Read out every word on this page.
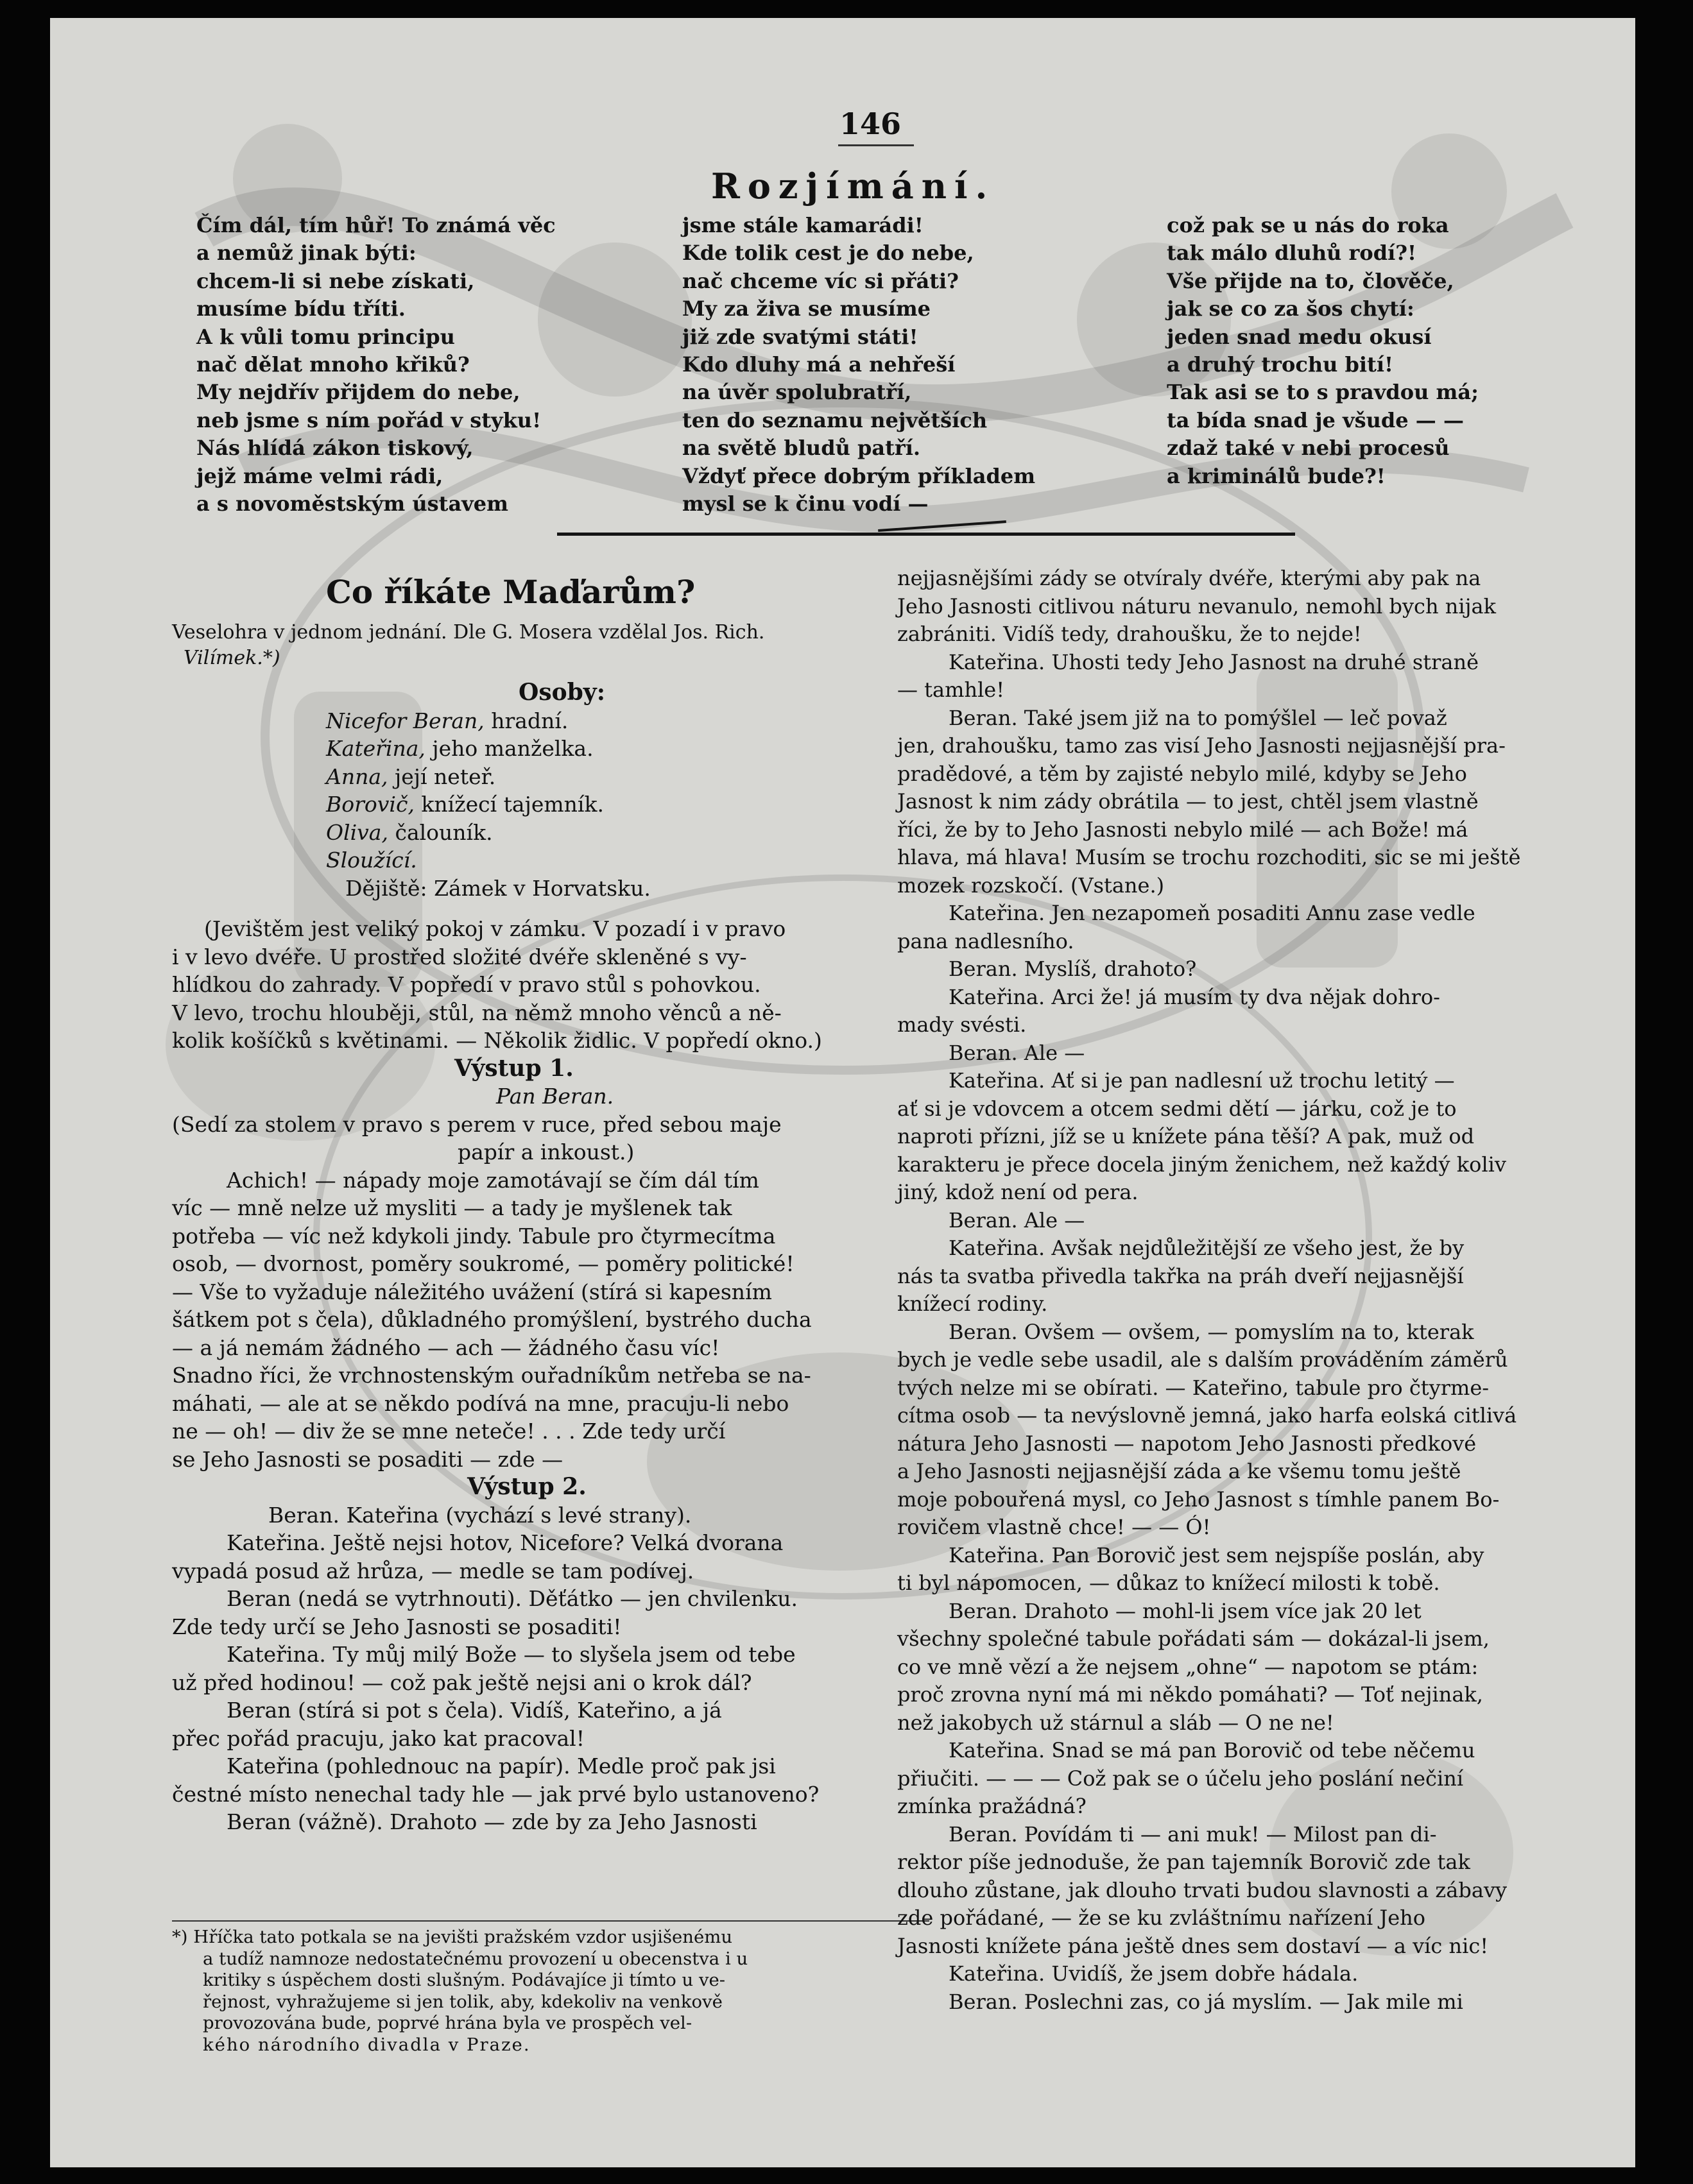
146
Rozjímání.
Čím dál, tím hůř! To známá věc
a nemůž jinak býti:
chcem-li si nebe získati,
musíme bídu tříti.
A k vůli tomu principu
nač dělat mnoho křiků?
My nejdřív přijdem do nebe,
neb jsme s ním pořád v styku!
Nás hlídá zákon tiskový,
jejž máme velmi rádi,
a s novoměstským ústavem
jsme stále kamarádi!
Kde tolik cest je do nebe,
nač chceme víc si přáti?
My za živa se musíme
již zde svatými státi!
Kdo dluhy má a nehřeší
na úvěr spolubratří,
ten do seznamu největších
na světě bludů patří.
Vždyť přece dobrým příkladem
mysl se k činu vodí —
což pak se u nás do roka
tak málo dluhů rodí?!
Vše přijde na to, člověče,
jak se co za šos chytí:
jeden snad medu okusí
a druhý trochu bití!
Tak asi se to s pravdou má;
ta bída snad je všude — —
zdaž také v nebi procesů
a kriminálů bude?!
Co říkáte Maďarům?
Veselohra v jednom jednání. Dle G. Mosera vzdělal Jos. Rich.
Vilímek.*)
Osoby:
Nicefor Beran, hradní.
Kateřina, jeho manželka.
Anna, její neteř.
Borovič, knížecí tajemník.
Oliva, čalouník.
Sloužící.
Dějiště: Zámek v Horvatsku.
(Jevištěm jest veliký pokoj v zámku. V pozadí i v pravo
i v levo dvéře. U prostřed složité dvéře skleněné s vy-
hlídkou do zahrady. V popředí v pravo stůl s pohovkou.
V levo, trochu hlouběji, stůl, na němž mnoho věnců a ně-
kolik košíčků s květinami. — Několik židlic. V popředí okno.)
Výstup 1.
Pan Beran.
(Sedí za stolem v pravo s perem v ruce, před sebou maje
papír a inkoust.)
Achich! — nápady moje zamotávají se čím dál tím
víc — mně nelze už mysliti — a tady je myšlenek tak
potřeba — víc než kdykoli jindy. Tabule pro čtyrmecítma
osob, — dvornost, poměry soukromé, — poměry politické!
— Vše to vyžaduje náležitého uvážení (stírá si kapesním
šátkem pot s čela), důkladného promýšlení, bystrého ducha
— a já nemám žádného — ach — žádného času víc!
Snadno říci, že vrchnostenským ouřadníkům netřeba se na-
máhati, — ale at se někdo podívá na mne, pracuju-li nebo
ne — oh! — div že se mne neteče! . . . Zde tedy určí
se Jeho Jasnosti se posaditi — zde —
Výstup 2.
Beran. Kateřina (vychází s levé strany).
Kateřina. Ještě nejsi hotov, Nicefore? Velká dvorana
vypadá posud až hrůza, — medle se tam podívej.
Beran (nedá se vytrhnouti). Děťátko — jen chvilenku.
Zde tedy určí se Jeho Jasnosti se posaditi!
Kateřina. Ty můj milý Bože — to slyšela jsem od tebe
už před hodinou! — což pak ještě nejsi ani o krok dál?
Beran (stírá si pot s čela). Vidíš, Kateřino, a já
přec pořád pracuju, jako kat pracoval!
Kateřina (pohlednouc na papír). Medle proč pak jsi
čestné místo nenechal tady hle — jak prvé bylo ustanoveno?
Beran (vážně). Drahoto — zde by za Jeho Jasnosti
*) Hříčka tato potkala se na jevišti pražském vzdor usjišenému
a tudíž namnoze nedostatečnému provození u obecenstva i u
kritiky s úspěchem dosti slušným. Podávajíce ji tímto u ve-
řejnost, vyhražujeme si jen tolik, aby, kdekoliv na venkově
provozována bude, poprvé hrána byla ve prospěch vel-
kého národního divadla v Praze.
nejjasnějšími zády se otvíraly dvéře, kterými aby pak na
Jeho Jasnosti citlivou náturu nevanulo, nemohl bych nijak
zabrániti. Vidíš tedy, drahoušku, že to nejde!
Kateřina. Uhosti tedy Jeho Jasnost na druhé straně
— tamhle!
Beran. Také jsem již na to pomýšlel — leč považ
jen, drahoušku, tamo zas visí Jeho Jasnosti nejjasnější pra-
pradědové, a těm by zajisté nebylo milé, kdyby se Jeho
Jasnost k nim zády obrátila — to jest, chtěl jsem vlastně
říci, že by to Jeho Jasnosti nebylo milé — ach Bože! má
hlava, má hlava! Musím se trochu rozchoditi, sic se mi ještě
mozek rozskočí. (Vstane.)
Kateřina. Jen nezapomeň posaditi Annu zase vedle
pana nadlesního.
Beran. Myslíš, drahoto?
Kateřina. Arci že! já musím ty dva nějak dohro-
mady svésti.
Beran. Ale —
Kateřina. Ať si je pan nadlesní už trochu letitý —
ať si je vdovcem a otcem sedmi dětí — járku, což je to
naproti přízni, jíž se u knížete pána těší? A pak, muž od
karakteru je přece docela jiným ženichem, než každý koliv
jiný, kdož není od pera.
Beran. Ale —
Kateřina. Avšak nejdůležitější ze všeho jest, že by
nás ta svatba přivedla takřka na práh dveří nejjasnější
knížecí rodiny.
Beran. Ovšem — ovšem, — pomyslím na to, kterak
bych je vedle sebe usadil, ale s dalším prováděním záměrů
tvých nelze mi se obírati. — Kateřino, tabule pro čtyrme-
cítma osob — ta nevýslovně jemná, jako harfa eolská citlivá
nátura Jeho Jasnosti — napotom Jeho Jasnosti předkové
a Jeho Jasnosti nejjasnější záda a ke všemu tomu ještě
moje pobouřená mysl, co Jeho Jasnost s tímhle panem Bo-
rovičem vlastně chce! — — Ó!
Kateřina. Pan Borovič jest sem nejspíše poslán, aby
ti byl nápomocen, — důkaz to knížecí milosti k tobě.
Beran. Drahoto — mohl-li jsem více jak 20 let
všechny společné tabule pořádati sám — dokázal-li jsem,
co ve mně vězí a že nejsem „ohne“ — napotom se ptám:
proč zrovna nyní má mi někdo pomáhati? — Toť nejinak,
než jakobych už stárnul a sláb — O ne ne!
Kateřina. Snad se má pan Borovič od tebe něčemu
přiučiti. — — — Což pak se o účelu jeho poslání nečiní
zmínka pražádná?
Beran. Povídám ti — ani muk! — Milost pan di-
rektor píše jednoduše, že pan tajemník Borovič zde tak
dlouho zůstane, jak dlouho trvati budou slavnosti a zábavy
zde pořádané, — že se ku zvláštnímu nařízení Jeho
Jasnosti knížete pána ještě dnes sem dostaví — a víc nic!
Kateřina. Uvidíš, že jsem dobře hádala.
Beran. Poslechni zas, co já myslím. — Jak mile mi
